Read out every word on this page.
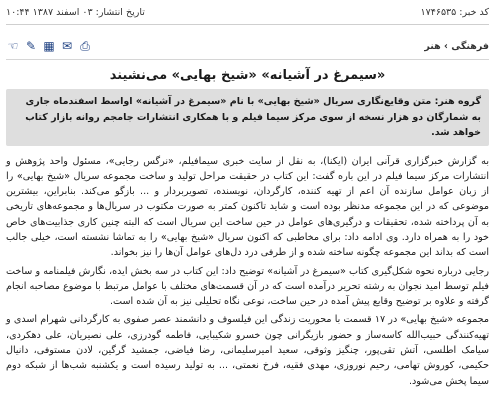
کد خبر: ۱۷۴۶۵۳۵
تاریخ انتشار: ۰۳ اسفند ۱۳۸۷ ۱۰:۴۴
فرهنگی › هنر
☜ ✎ ▦ ✉ ⎙
«سیمرغ در آشیانه» «شیخ بهایی» می‌نشیند
گروه هنر: متن وقایع‌نگاری سریال «شیخ بهایی» با نام «سیمرغ در آشیانه» اواسط اسفندماه جاری به شمارگان دو هزار نسخه از سوی مرکز سیما فیلم و با همکاری انتشارات جامجم روانه بازار کتاب خواهد شد.

به گزارش خبرگزاری قرآنی ایران (ایکنا)، به نقل از سایت خبری سیمافیلم، «نرگس رجایی»، مسئول واحد پژوهش و انتشارات مرکز سیما فیلم در این باره گفت: این کتاب در حقیقت مراحل تولید و ساخت مجموعه سریال «شیخ بهایی» را از زبان عوامل سازنده آن اعم از تهیه کننده، کارگردان، نویسنده، تصویربردار و ... بازگو می‌کند. بنابراین، بیشترین موضوعی که در این مجموعه مدنظر بوده است و شاید تاکنون کمتر به صورت مکتوب در سریال‌ها و مجموعه‌های تاریخی به آن پرداخته شده، تحقیقات و درگیری‌های عوامل در حین ساخت این سریال است که البته چنین کاری جذابیت‌های خاص خود را به همراه دارد. وی ادامه داد: برای مخاطبی که اکنون سریال «شیخ بهایی» را به تماشا نشسته است، خیلی جالب است که بداند این مجموعه چگونه ساخته شده و از طرفی درد دل‌های عوامل آن‌ها را نیز بخواند.

رجایی درباره نحوه شکل‌گیری کتاب «سیمرغ در آشیانه» توضیح داد: این کتاب در سه بخش ایده، نگارش فیلمنامه و ساخت فیلم توسط امید نجوان به رشته تحریر درآمده است که در آن قسمت‌های مختلف با عوامل مرتبط با موضوع مصاحبه انجام گرفته و علاوه بر توضیح وقایع پیش آمده در حین ساخت، نوعی نگاه تحلیلی نیز به آن شده است.

مجموعه «شیخ بهایی» در ۱۷ قسمت با محوریت زندگی این فیلسوف و دانشمند عصر صفوی به کارگردانی شهرام اسدی و تهیه‌کنندگی حبیب‌الله کاسه‌ساز و حضور بازیگرانی چون خسرو شکیبایی، فاطمه گودرزی، علی نصیریان، علی دهکردی، سیامک اطلسی، آتش تقی‌پور، چنگیز وثوقی، سعید امیرسلیمانی، رضا فیاضی، جمشید گرگین، لادن مستوفی، دانیال حکیمی، کوروش تهامی، رحیم نوروزی، مهدی فقیه، فرخ نعمتی، ... به تولید رسیده است و یکشنبه شب‌ها از شبکه دوم سیما پخش می‌شود.
